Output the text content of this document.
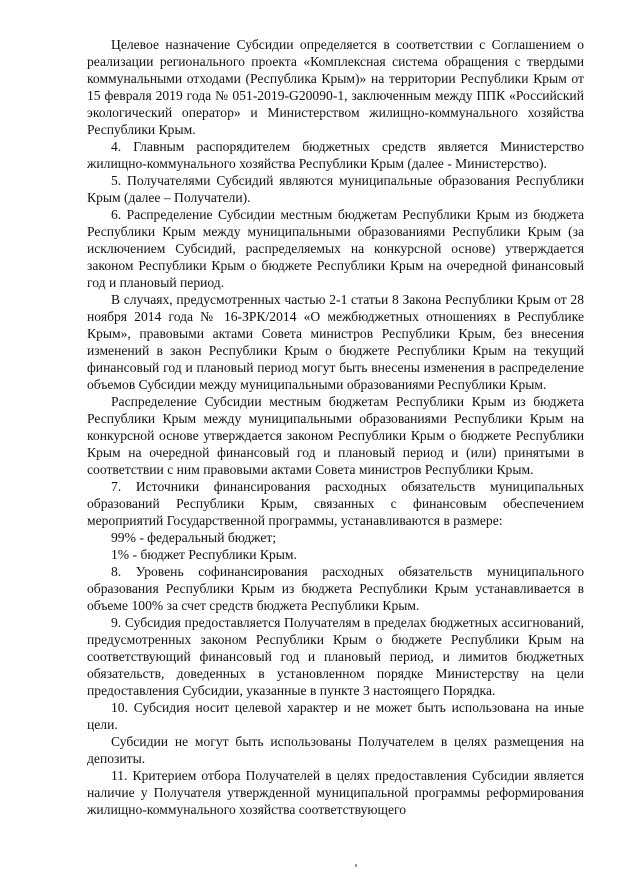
Целевое назначение Субсидии определяется в соответствии с Соглашением о реализации регионального проекта «Комплексная система обращения с твердыми коммунальными отходами (Республика Крым)» на территории Республики Крым от 15 февраля 2019 года № 051-2019-G20090-1, заключенным между ППК «Российский экологический оператор» и Министерством жилищно-коммунального хозяйства Республики Крым.

4. Главным распорядителем бюджетных средств является Министерство жилищно-коммунального хозяйства Республики Крым (далее - Министерство).

5. Получателями Субсидий являются муниципальные образования Республики Крым (далее – Получатели).

6. Распределение Субсидии местным бюджетам Республики Крым из бюджета Республики Крым между муниципальными образованиями Республики Крым (за исключением Субсидий, распределяемых на конкурсной основе) утверждается законом Республики Крым о бюджете Республики Крым на очередной финансовый год и плановый период.

В случаях, предусмотренных частью 2-1 статьи 8 Закона Республики Крым от 28 ноября 2014 года № 16-ЗРК/2014 «О межбюджетных отношениях в Республике Крым», правовыми актами Совета министров Республики Крым, без внесения изменений в закон Республики Крым о бюджете Республики Крым на текущий финансовый год и плановый период могут быть внесены изменения в распределение объемов Субсидии между муниципальными образованиями Республики Крым.

Распределение Субсидии местным бюджетам Республики Крым из бюджета Республики Крым между муниципальными образованиями Республики Крым на конкурсной основе утверждается законом Республики Крым о бюджете Республики Крым на очередной финансовый год и плановый период и (или) принятыми в соответствии с ним правовыми актами Совета министров Республики Крым.

7. Источники финансирования расходных обязательств муниципальных образований Республики Крым, связанных с финансовым обеспечением мероприятий Государственной программы, устанавливаются в размере:

99% - федеральный бюджет;

1% - бюджет Республики Крым.

8. Уровень софинансирования расходных обязательств муниципального образования Республики Крым из бюджета Республики Крым устанавливается в объеме 100% за счет средств бюджета Республики Крым.

9. Субсидия предоставляется Получателям в пределах бюджетных ассигнований, предусмотренных законом Республики Крым о бюджете Республики Крым на соответствующий финансовый год и плановый период, и лимитов бюджетных обязательств, доведенных в установленном порядке Министерству на цели предоставления Субсидии, указанные в пункте 3 настоящего Порядка.

10. Субсидия носит целевой характер и не может быть использована на иные цели.

Субсидии не могут быть использованы Получателем в целях размещения на депозиты.

11. Критерием отбора Получателей в целях предоставления Субсидии является наличие у Получателя утвержденной муниципальной программы реформирования жилищно-коммунального хозяйства соответствующего
